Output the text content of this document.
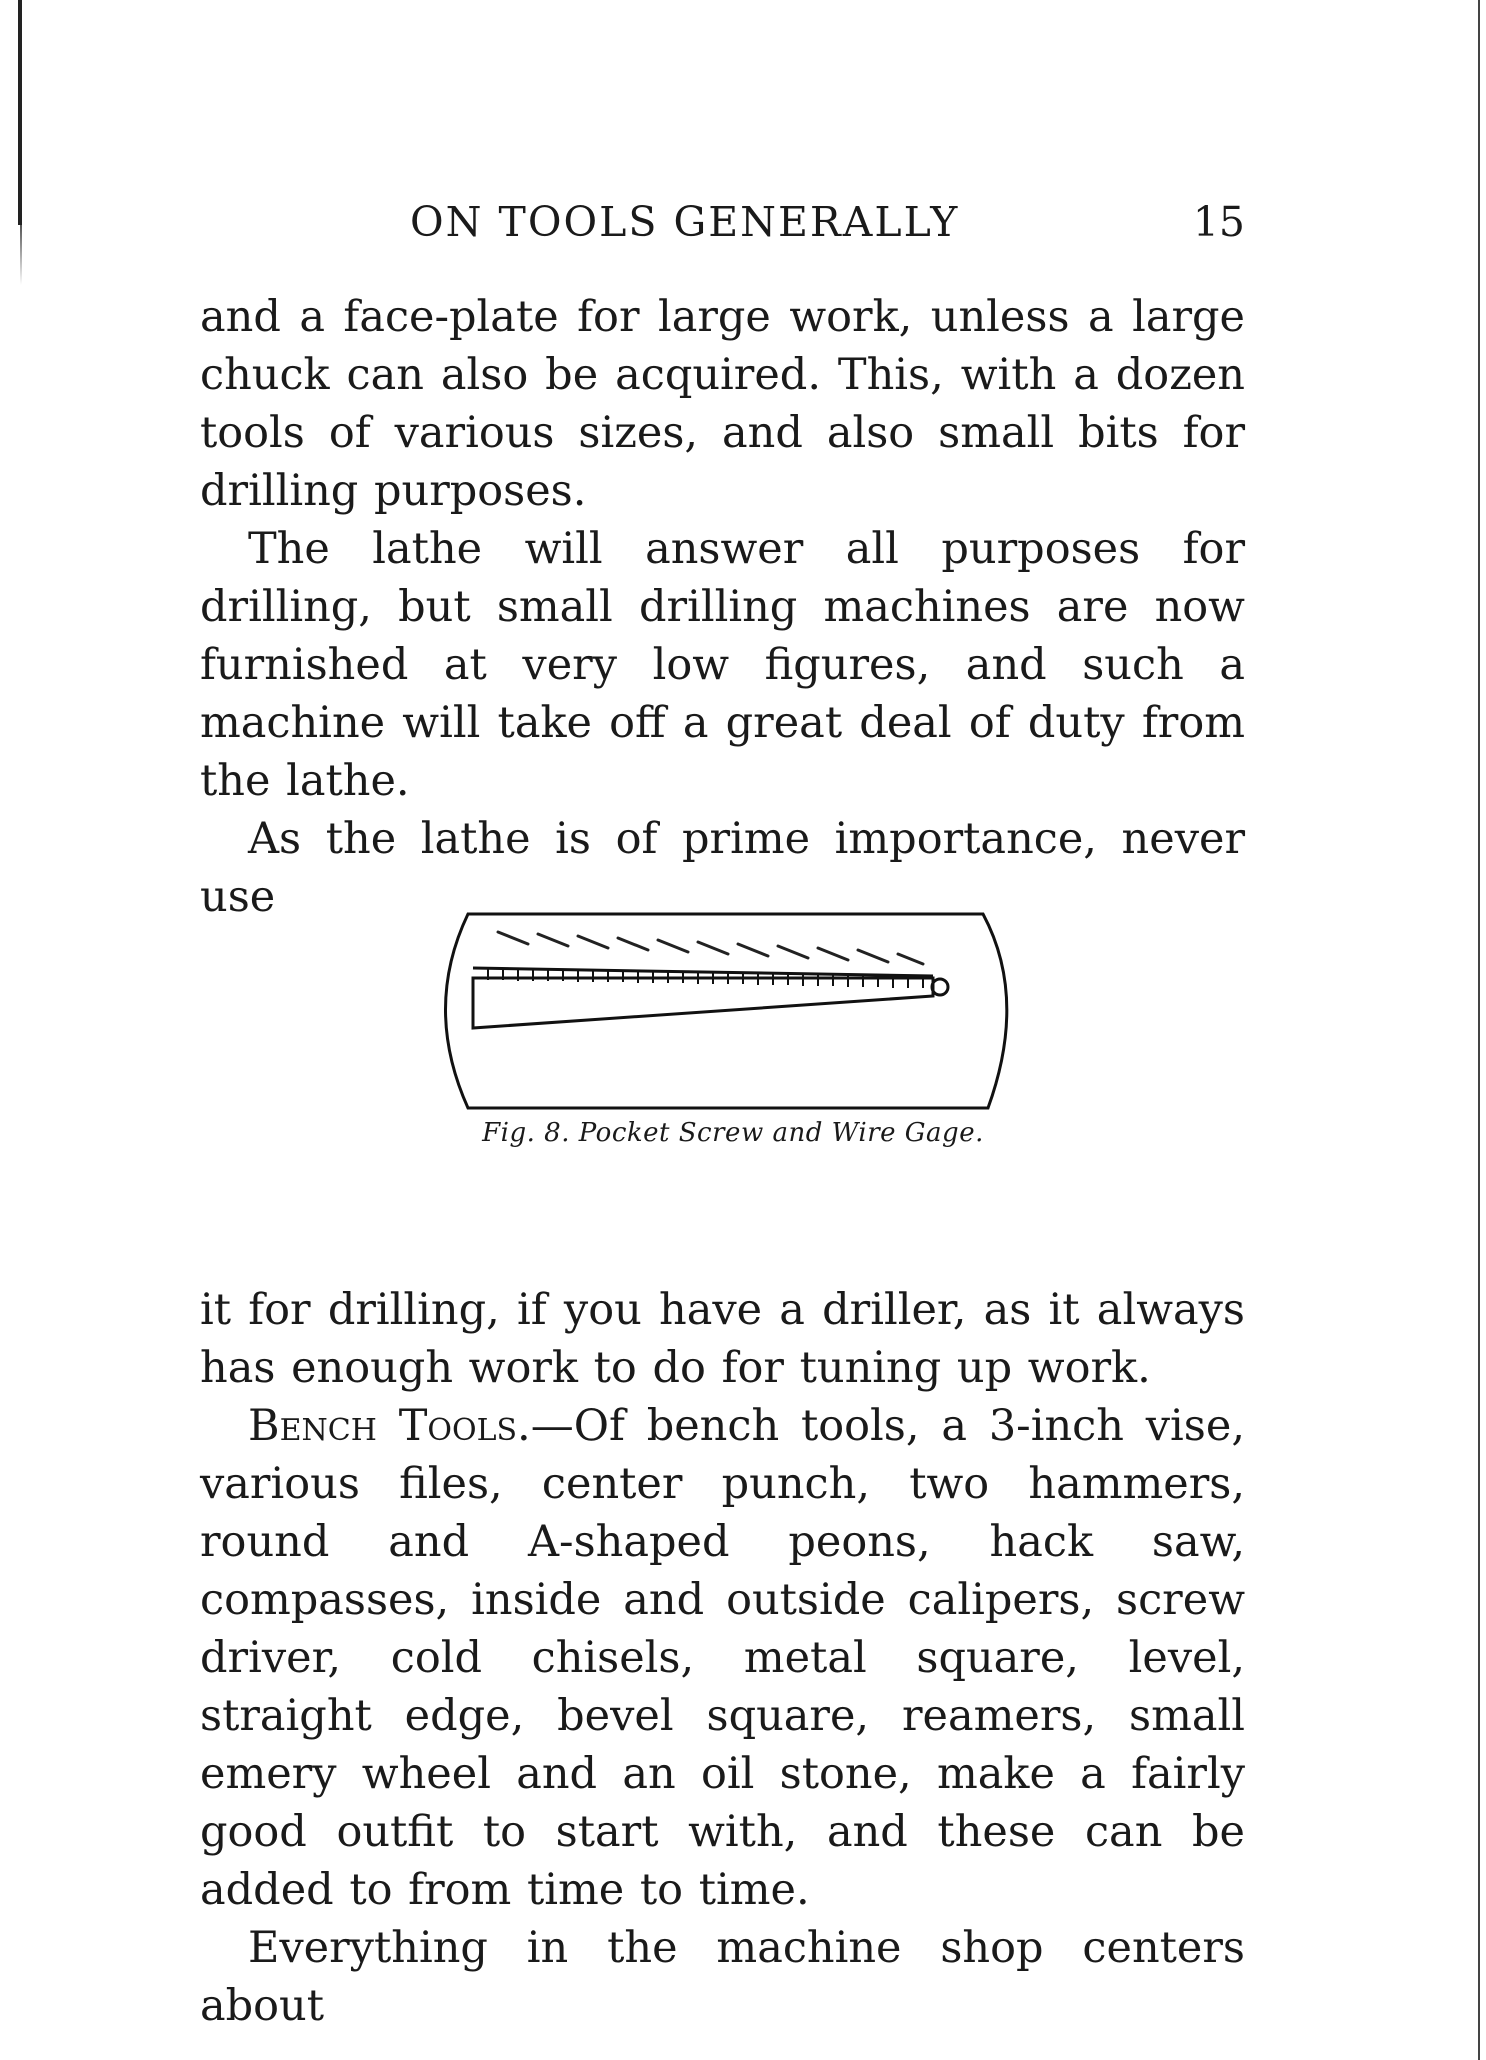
ON TOOLS GENERALLY	15

and a face-plate for large work, unless a large chuck can also be acquired. This, with a dozen tools of various sizes, and also small bits for drilling purposes.

The lathe will answer all purposes for drilling, but small drilling machines are now furnished at very low figures, and such a machine will take off a great deal of duty from the lathe.

As the lathe is of prime importance, never use

Fig. 8. Pocket Screw and Wire Gage.

it for drilling, if you have a driller, as it always has enough work to do for tuning up work.

Bench Tools.—Of bench tools, a 3-inch vise, various files, center punch, two hammers, round and A-shaped peons, hack saw, compasses, inside and outside calipers, screw driver, cold chisels, metal square, level, straight edge, bevel square, reamers, small emery wheel and an oil stone, make a fairly good outfit to start with, and these can be added to from time to time.

Everything in the machine shop centers about
